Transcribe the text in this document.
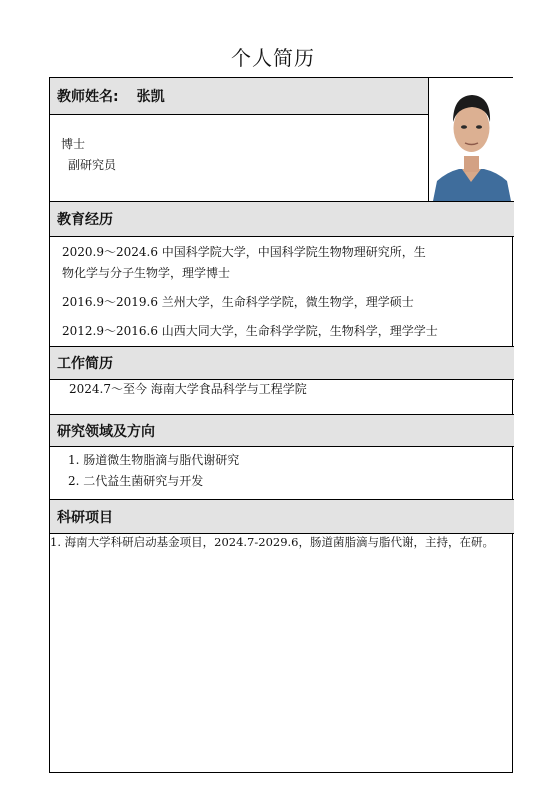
个人简历
教师姓名: 张凯
博士
副研究员
教育经历
2020.9～2024.6 中国科学院大学，中国科学院生物物理研究所，生
物化学与分子生物学，理学博士
2016.9～2019.6 兰州大学，生命科学学院，微生物学，理学硕士
2012.9～2016.6 山西大同大学，生命科学学院，生物科学，理学学士
工作简历
2024.7～至今 海南大学食品科学与工程学院
研究领域及方向
1. 肠道微生物脂滴与脂代谢研究
2. 二代益生菌研究与开发
科研项目
1. 海南大学科研启动基金项目，2024.7-2029.6，肠道菌脂滴与脂代谢，主持，在研。
